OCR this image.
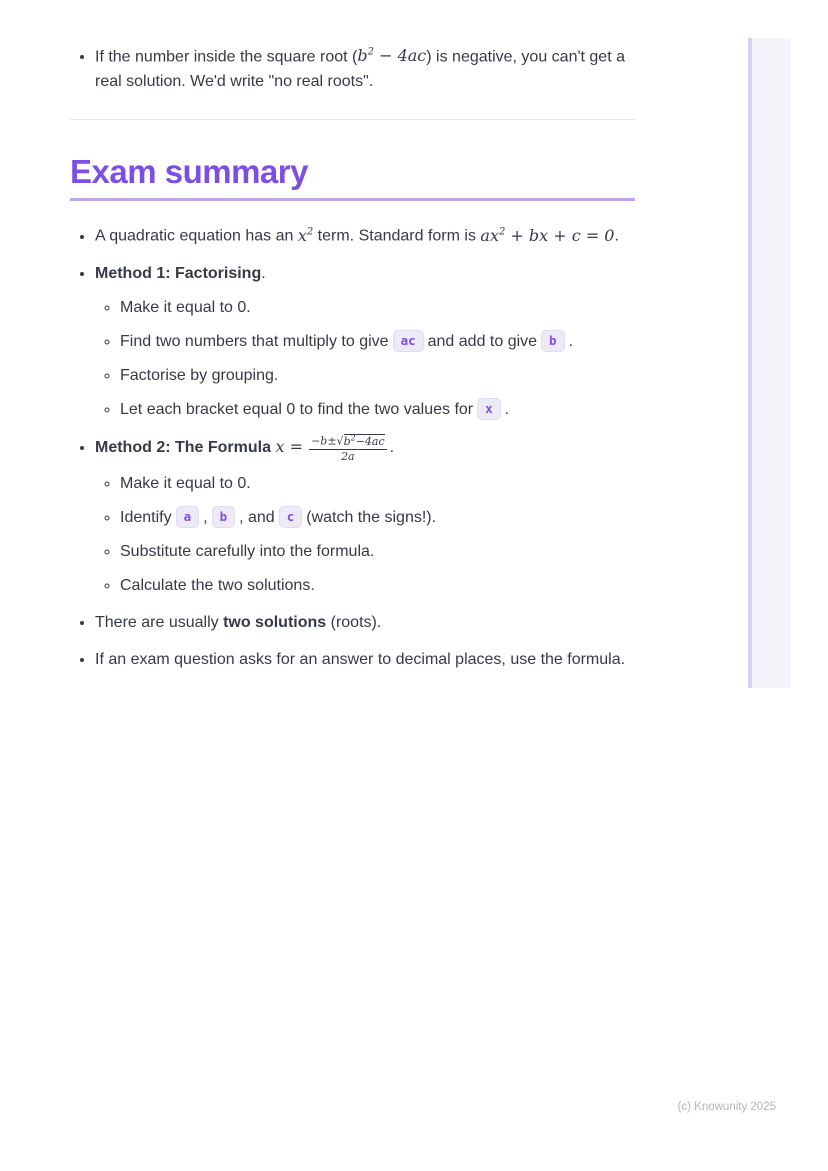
• If the number inside the square root $(b^2 - 4ac)$ is negative, you can't get a real solution. We'd write "no real roots".
Exam summary
• A quadratic equation has an $x^2$ term. Standard form is $ax^2$ + bx + c = 0.
• Method 1: Factorising.
◦ Make it equal to 0.
◦ Find two numbers that multiply to give ac and add to give b .
◦ Factorise by grouping.
◦ Let each bracket equal 0 to find the two values for x .
• Method 2: The Formula $x = \frac{-b\pm√b^2-4ac}{2a}$ .
◦ Make it equal to 0.
◦ Identify a , b , and c (watch the signs!).
◦ Substitute carefully into the formula.
◦ Calculate the two solutions.
• There are usually two solutions (roots).
• If an exam question asks for an answer to decimal places, use the formula.
(c) Knowunity 2025
